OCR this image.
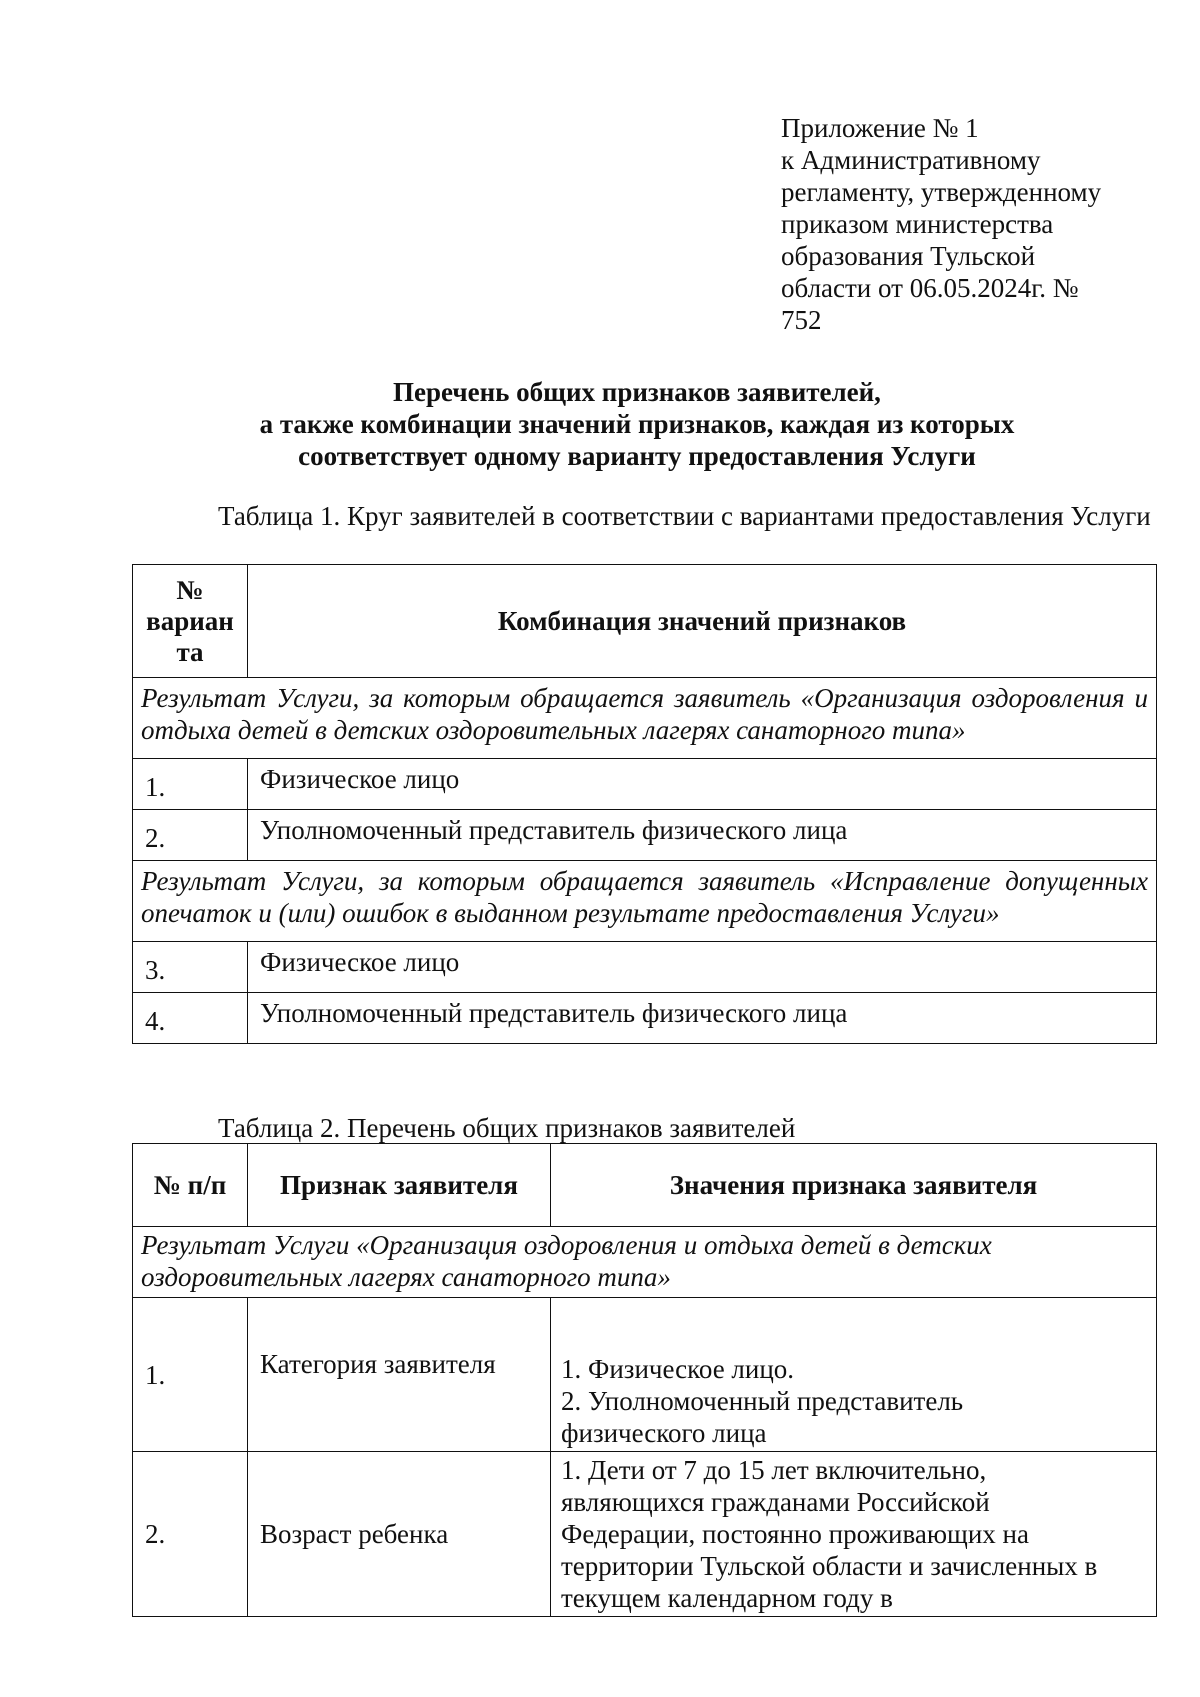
Приложение № 1
к Административному
регламенту, утвержденному
приказом министерства
образования Тульской
области от 06.05.2024г. №
752
Перечень общих признаков заявителей,
а также комбинации значений признаков, каждая из которых
соответствует одному варианту предоставления Услуги
Таблица 1. Круг заявителей в соответствии с вариантами предоставления Услуги
№
вариан
та	Комбинация значений признаков
Результат Услуги, за которым обращается заявитель «Организация оздоровления и отдыха детей в детских оздоровительных лагерях санаторного типа»	
1.	Физическое лицо
2.	Уполномоченный представитель физического лица
Результат Услуги, за которым обращается заявитель «Исправление допущенных опечаток и (или) ошибок в выданном результате предоставления Услуги»	
3.	Физическое лицо
4.	Уполномоченный представитель физического лица
Таблица 2. Перечень общих признаков заявителей
№ п/п	Признак заявителя	Значения признака заявителя
Результат Услуги «Организация оздоровления и отдыха детей в детских оздоровительных лагерях санаторного типа»		
1.	Категория заявителя	1. Физическое лицо.
2. Уполномоченный представитель
физического лица

2.	Возраст ребенка	1. Дети от 7 до 15 лет включительно,
являющихся гражданами Российской
Федерации, постоянно проживающих на
территории Тульской области и зачисленных в
текущем календарном году в
